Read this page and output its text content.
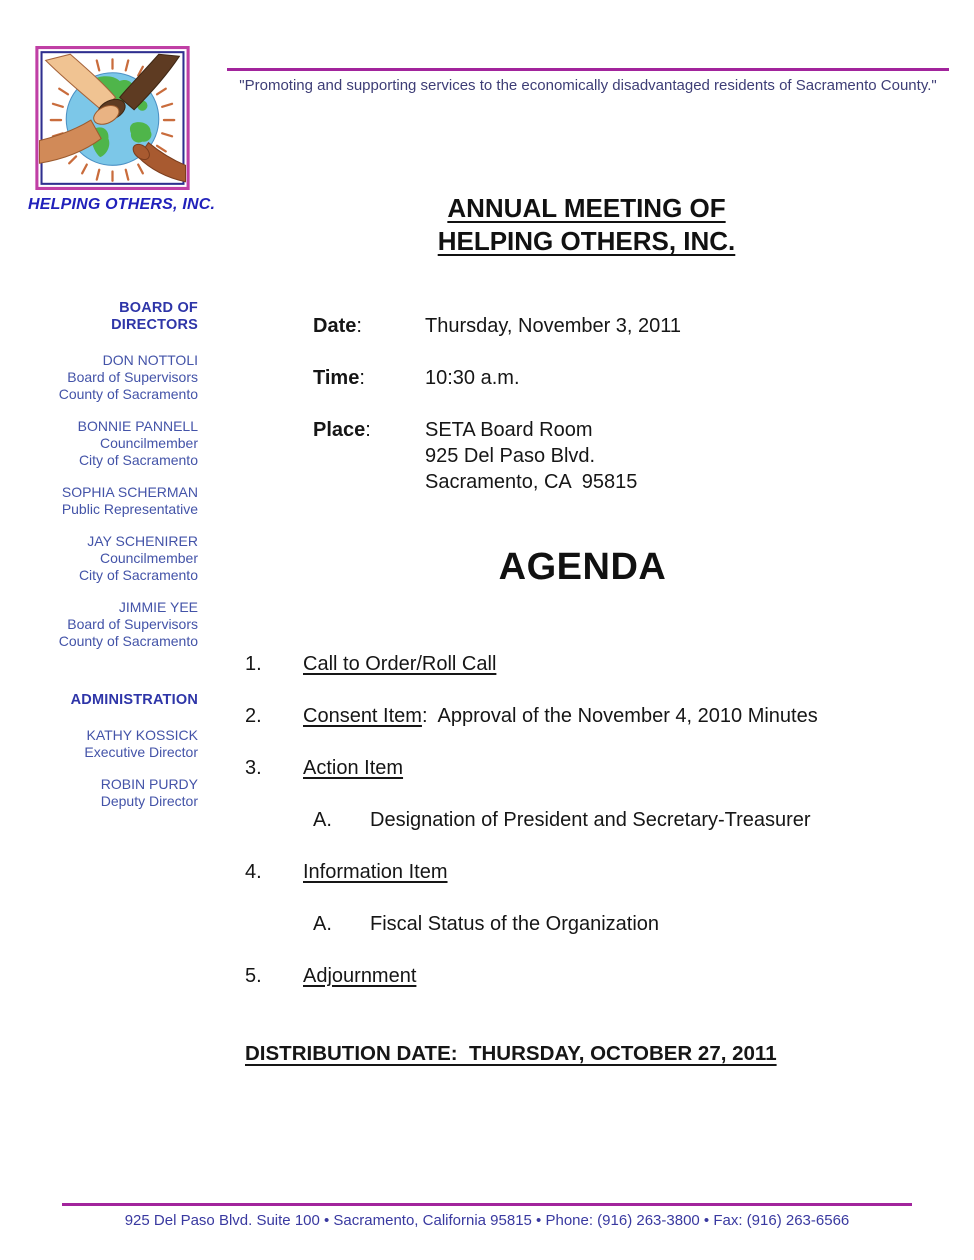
HELPING OTHERS, INC.
"Promoting and supporting services to the economically disadvantaged residents of Sacramento County."
ANNUAL MEETING OF
HELPING OTHERS, INC.
BOARD OF DIRECTORS
DON NOTTOLI
Board of Supervisors
County of Sacramento
BONNIE PANNELL
Councilmember
City of Sacramento
SOPHIA SCHERMAN
Public Representative
JAY SCHENIRER
Councilmember
City of Sacramento
JIMMIE YEE
Board of Supervisors
County of Sacramento
ADMINISTRATION
KATHY KOSSICK
Executive Director
ROBIN PURDY
Deputy Director
Date:	Thursday, November 3, 2011
Time:	10:30 a.m.
Place:	SETA Board Room
925 Del Paso Blvd.
Sacramento, CA  95815
AGENDA
1.	Call to Order/Roll Call
2.	Consent Item:  Approval of the November 4, 2010 Minutes
3.	Action Item
A.	Designation of President and Secretary-Treasurer
4.	Information Item
A.	Fiscal Status of the Organization
5.	Adjournment
DISTRIBUTION DATE:  THURSDAY, OCTOBER 27, 2011
925 Del Paso Blvd. Suite 100 • Sacramento, California 95815 • Phone: (916) 263-3800 • Fax: (916) 263-6566
